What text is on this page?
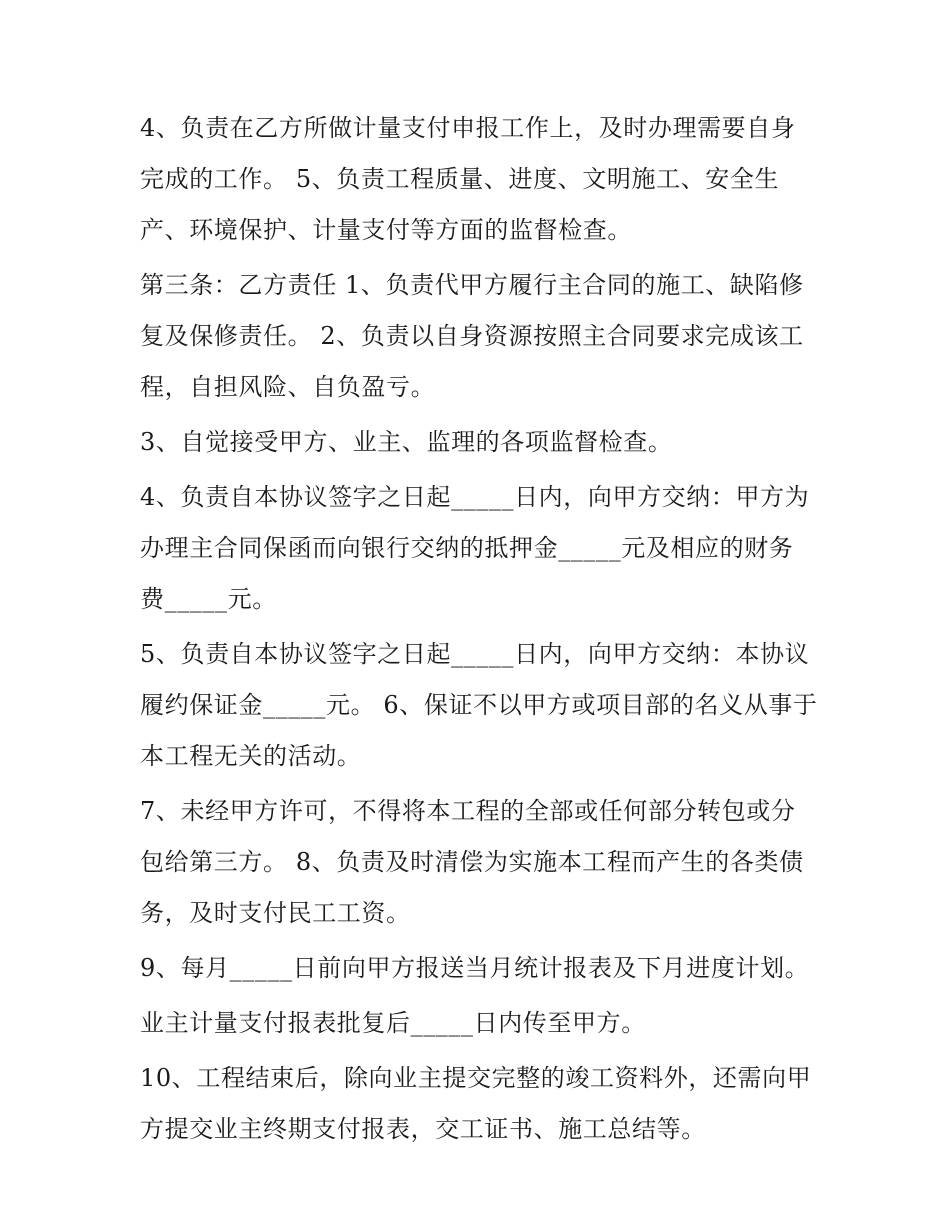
4、负责在乙方所做计量支付申报工作上，及时办理需要自身
完成的工作。 5、负责工程质量、进度、文明施工、安全生
产、环境保护、计量支付等方面的监督检查。

第三条：乙方责任 1、负责代甲方履行主合同的施工、缺陷修
复及保修责任。 2、负责以自身资源按照主合同要求完成该工
程，自担风险、自负盈亏。

3、自觉接受甲方、业主、监理的各项监督检查。

4、负责自本协议签字之日起_____日内，向甲方交纳：甲方为
办理主合同保函而向银行交纳的抵押金_____元及相应的财务
费_____元。

5、负责自本协议签字之日起_____日内，向甲方交纳：本协议
履约保证金_____元。 6、保证不以甲方或项目部的名义从事于
本工程无关的活动。

7、未经甲方许可，不得将本工程的全部或任何部分转包或分
包给第三方。 8、负责及时清偿为实施本工程而产生的各类债
务，及时支付民工工资。

9、每月_____日前向甲方报送当月统计报表及下月进度计划。

业主计量支付报表批复后_____日内传至甲方。

10、工程结束后，除向业主提交完整的竣工资料外，还需向甲
方提交业主终期支付报表，交工证书、施工总结等。
